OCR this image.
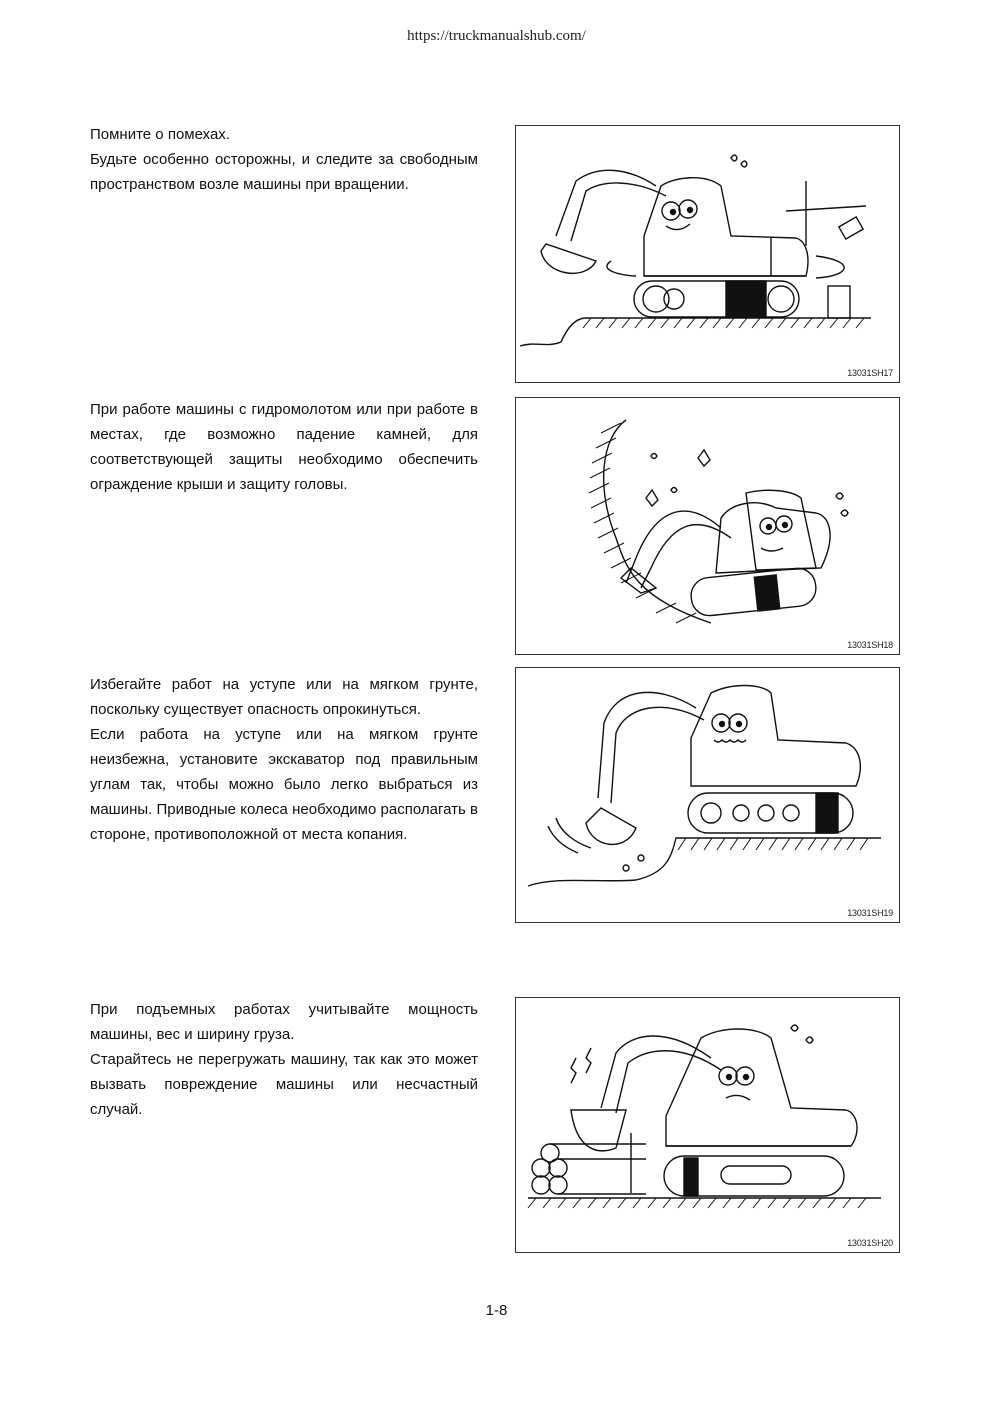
https://truckmanualshub.com/

Помните о помехах.

Будьте особенно осторожны, и следите за свободным пространством возле машины при вращении.

13031SH17

При работе машины с гидромолотом или при работе в местах, где возможно падение камней, для соответствующей защиты необходимо обеспечить ограждение крыши и защиту головы.

13031SH18

Избегайте работ на уступе или на мягком грунте, поскольку существует опасность опрокинуться.

Если работа на уступе или на мягком грунте неизбежна, установите экскаватор под правильным углам так, чтобы можно было легко выбраться из машины. Приводные колеса необходимо располагать в стороне, противоположной от места копания.

13031SH19

При подъемных работах учитывайте мощность машины, вес и ширину груза.

Старайтесь не перегружать машину, так как это может вызвать повреждение машины или несчастный случай.

13031SH20
1-8
